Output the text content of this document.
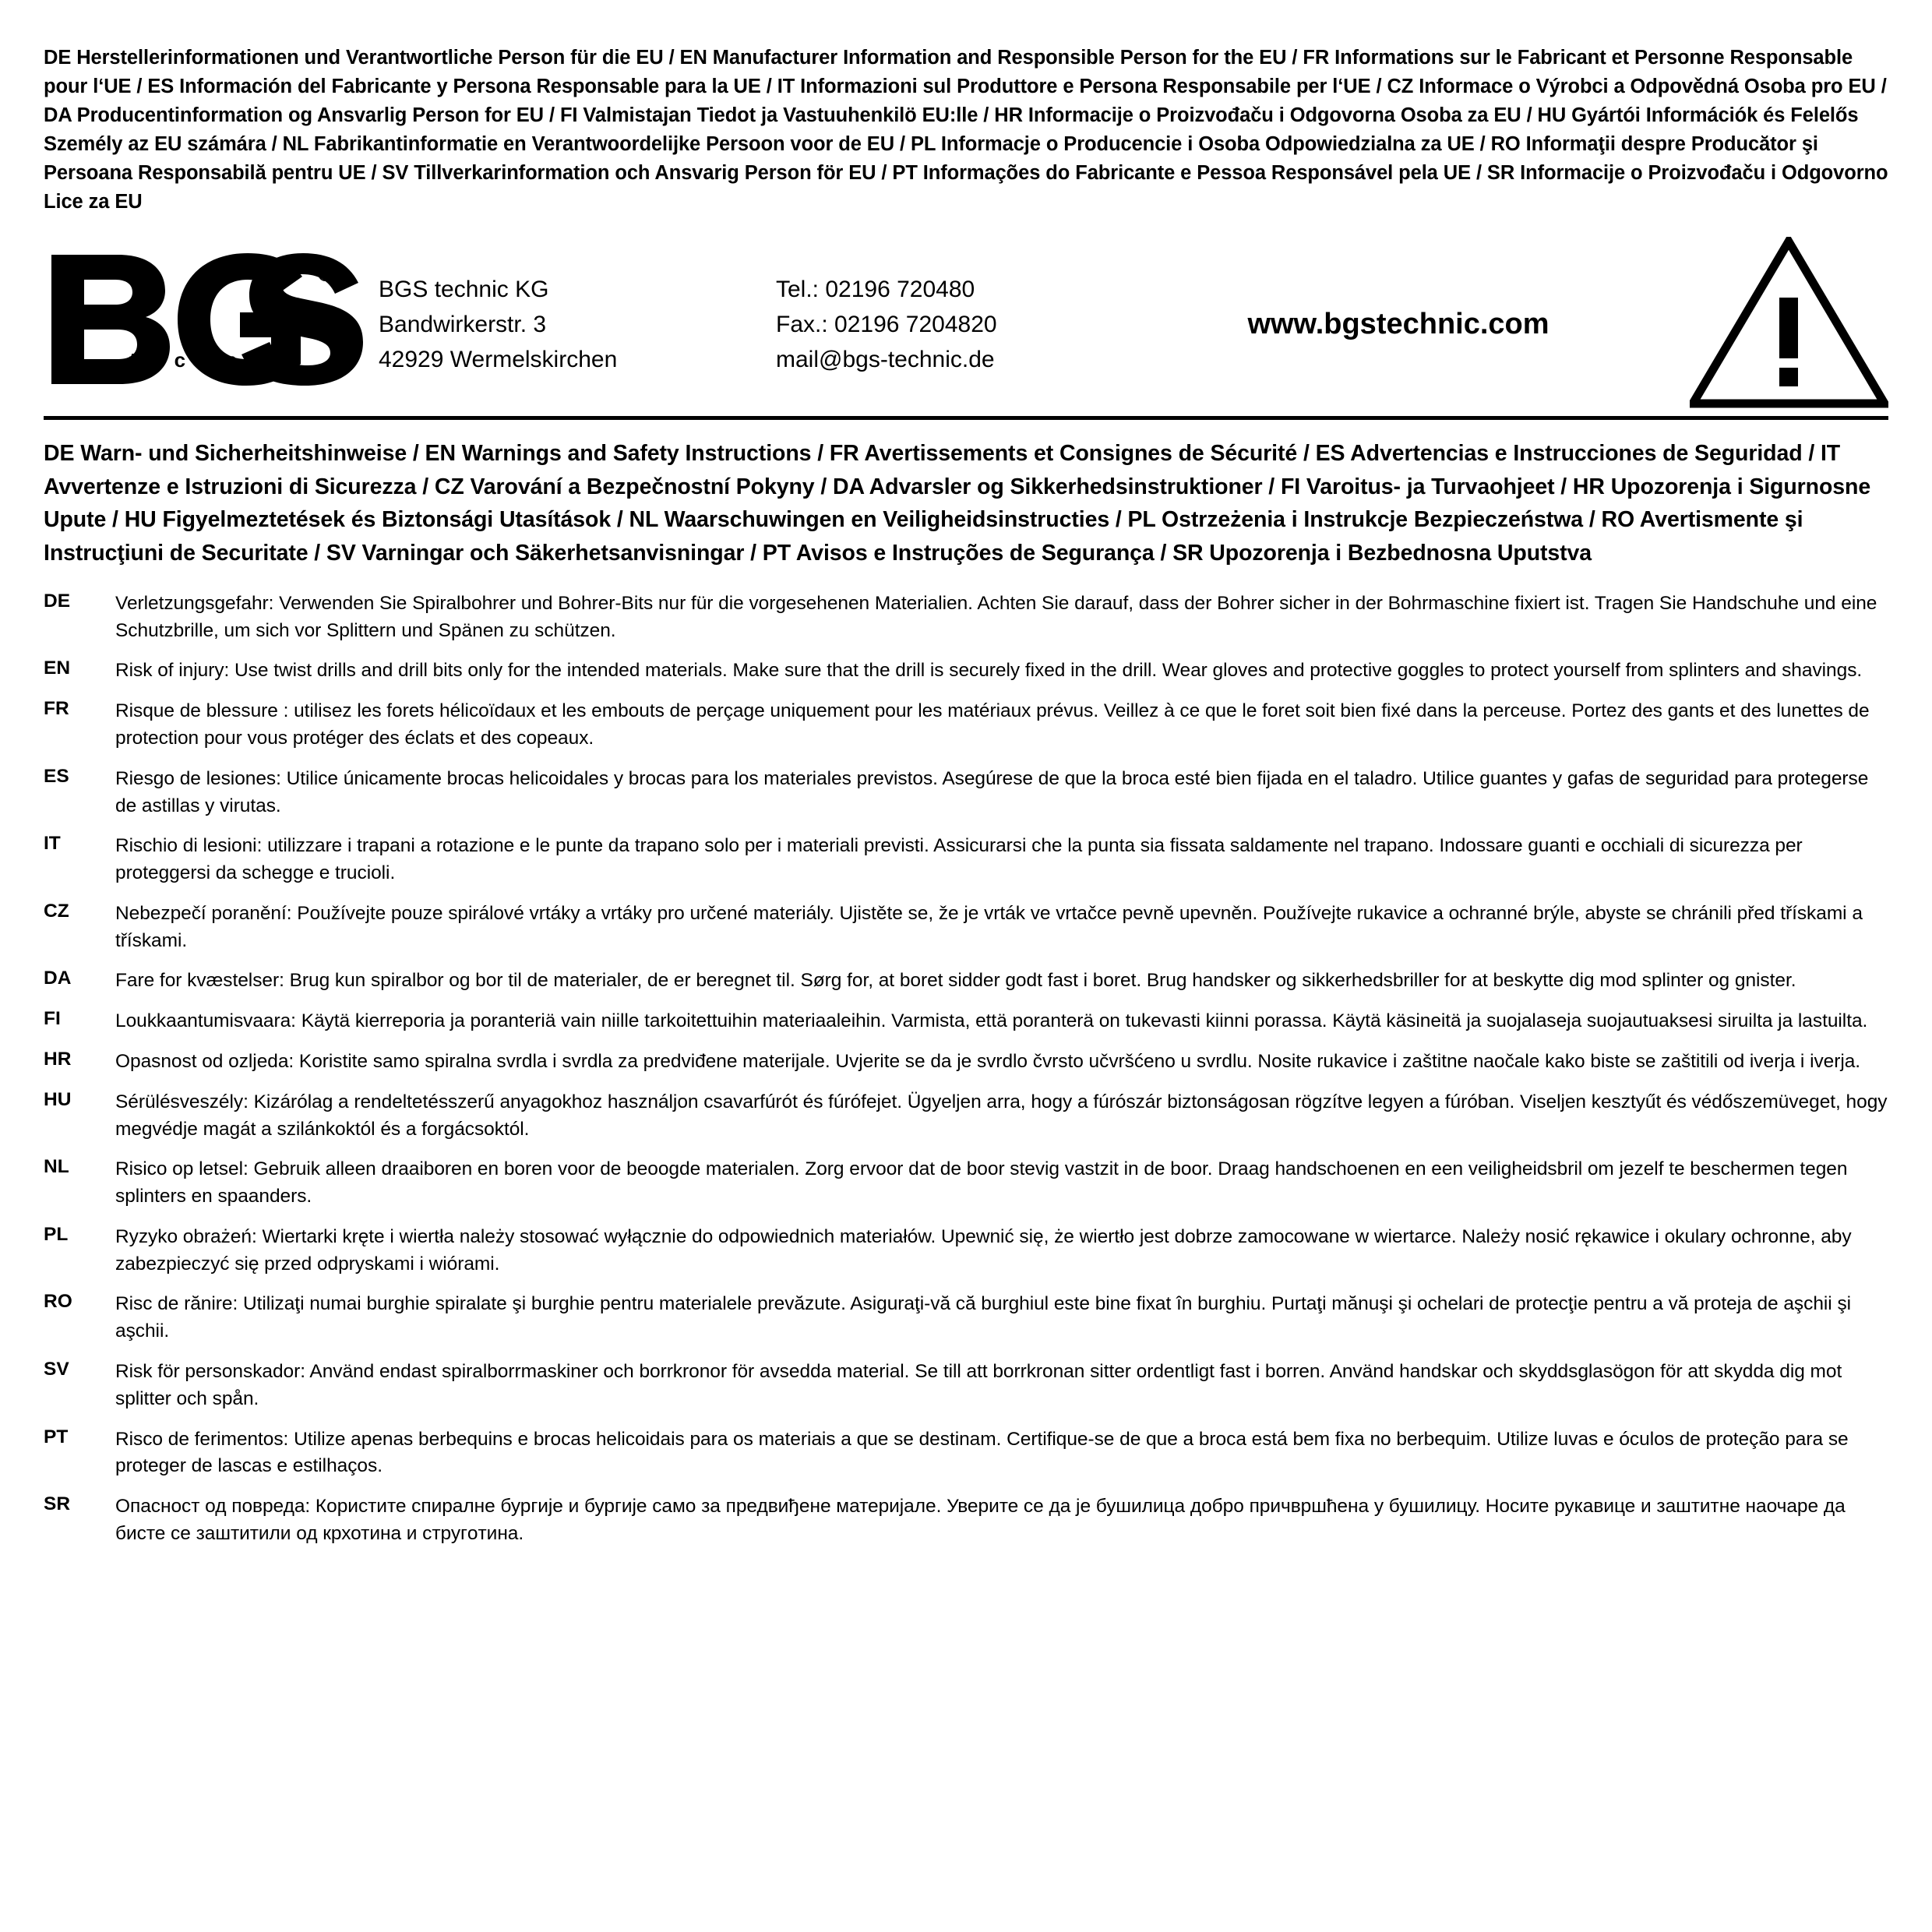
DE Herstellerinformationen und Verantwortliche Person für die EU / EN Manufacturer Information and Responsible Person for the EU / FR Informations sur le Fabricant et Personne Responsable pour l‘UE / ES Información del Fabricante y Persona Responsable para la UE / IT Informazioni sul Produttore e Persona Responsabile per l‘UE / CZ Informace o Výrobci a Odpovědná Osoba pro EU / DA Producentinformation og Ansvarlig Person for EU / FI Valmistajan Tiedot ja Vastuuhenkilö EU:lle / HR Informacije o Proizvođaču i Odgovorna Osoba za EU / HU Gyártói Információk és Felelős Személy az EU számára / NL Fabrikantinformatie en Verantwoordelijke Persoon voor de EU / PL Informacje o Producencie i Osoba Odpowiedzialna za UE / RO Informaţii despre Producător şi Persoana Responsabilă pentru UE / SV Tillverkarinformation och Ansvarig Person för EU / PT Informações do Fabricante e Pessoa Responsável pela UE / SR Informacije o Proizvođaču i Odgovorno Lice za EU
t e c h n i c
®
BGS technic KG
Bandwirkerstr. 3
42929 Wermelskirchen
Tel.: 02196 720480
Fax.: 02196 7204820
mail@bgs-technic.de
www.bgstechnic.com
DE Warn- und Sicherheitshinweise / EN Warnings and Safety Instructions / FR Avertissements et Consignes de Sécurité / ES Advertencias e Instrucciones de Seguridad / IT Avvertenze e Istruzioni di Sicurezza / CZ Varování a Bezpečnostní Pokyny / DA Advarsler og Sikkerhedsinstruktioner / FI Varoitus- ja Turvaohjeet / HR Upozorenja i Sigurnosne Upute / HU Figyelmeztetések és Biztonsági Utasítások / NL Waarschuwingen en Veiligheidsinstructies / PL Ostrzeżenia i Instrukcje Bezpieczeństwa / RO Avertismente şi Instrucţiuni de Securitate / SV Varningar och Säkerhetsanvisningar / PT Avisos e Instruções de Segurança / SR Upozorenja i Bezbednosna Uputstva
DE	Verletzungsgefahr: Verwenden Sie Spiralbohrer und Bohrer-Bits nur für die vorgesehenen Materialien. Achten Sie darauf, dass der Bohrer sicher in der Bohrmaschine fixiert ist. Tragen Sie Handschuhe und eine Schutzbrille, um sich vor Splittern und Spänen zu schützen.
EN	Risk of injury: Use twist drills and drill bits only for the intended materials. Make sure that the drill is securely fixed in the drill. Wear gloves and protective goggles to protect yourself from splinters and shavings.
FR	Risque de blessure : utilisez les forets hélicoïdaux et les embouts de perçage uniquement pour les matériaux prévus. Veillez à ce que le foret soit bien fixé dans la perceuse. Portez des gants et des lunettes de protection pour vous protéger des éclats et des copeaux.
ES	Riesgo de lesiones: Utilice únicamente brocas helicoidales y brocas para los materiales previstos. Asegúrese de que la broca esté bien fijada en el taladro. Utilice guantes y gafas de seguridad para protegerse de astillas y virutas.
IT	Rischio di lesioni: utilizzare i trapani a rotazione e le punte da trapano solo per i materiali previsti. Assicurarsi che la punta sia fissata saldamente nel trapano. Indossare guanti e occhiali di sicurezza per proteggersi da schegge e trucioli.
CZ	Nebezpečí poranění: Používejte pouze spirálové vrtáky a vrtáky pro určené materiály. Ujistěte se, že je vrták ve vrtačce pevně upevněn. Používejte rukavice a ochranné brýle, abyste se chránili před třískami a třískami.
DA	Fare for kvæstelser: Brug kun spiralbor og bor til de materialer, de er beregnet til. Sørg for, at boret sidder godt fast i boret. Brug handsker og sikkerhedsbriller for at beskytte dig mod splinter og gnister.
FI	Loukkaantumisvaara: Käytä kierreporia ja poranteriä vain niille tarkoitettuihin materiaaleihin. Varmista, että poranterä on tukevasti kiinni porassa. Käytä käsineitä ja suojalaseja suojautuaksesi siruilta ja lastuilta.
HR	Opasnost od ozljeda: Koristite samo spiralna svrdla i svrdla za predviđene materijale. Uvjerite se da je svrdlo čvrsto učvršćeno u svrdlu. Nosite rukavice i zaštitne naočale kako biste se zaštitili od iverja i iverja.
HU	Sérülésveszély: Kizárólag a rendeltetésszerű anyagokhoz használjon csavarfúrót és fúrófejet. Ügyeljen arra, hogy a fúrószár biztonságosan rögzítve legyen a fúróban. Viseljen kesztyűt és védőszemüveget, hogy megvédje magát a szilánkoktól és a forgácsoktól.
NL	Risico op letsel: Gebruik alleen draaiboren en boren voor de beoogde materialen. Zorg ervoor dat de boor stevig vastzit in de boor. Draag handschoenen en een veiligheidsbril om jezelf te beschermen tegen splinters en spaanders.
PL	Ryzyko obrażeń: Wiertarki kręte i wiertła należy stosować wyłącznie do odpowiednich materiałów. Upewnić się, że wiertło jest dobrze zamocowane w wiertarce. Należy nosić rękawice i okulary ochronne, aby zabezpieczyć się przed odpryskami i wiórami.
RO	Risc de rănire: Utilizaţi numai burghie spiralate şi burghie pentru materialele prevăzute. Asiguraţi-vă că burghiul este bine fixat în burghiu. Purtaţi mănuşi şi ochelari de protecţie pentru a vă proteja de aşchii şi aşchii.
SV	Risk för personskador: Använd endast spiralborrmaskiner och borrkronor för avsedda material. Se till att borrkronan sitter ordentligt fast i borren. Använd handskar och skyddsglasögon för att skydda dig mot splitter och spån.
PT	Risco de ferimentos: Utilize apenas berbequins e brocas helicoidais para os materiais a que se destinam. Certifique-se de que a broca está bem fixa no berbequim. Utilize luvas e óculos de proteção para se proteger de lascas e estilhaços.
SR	Опасност од повреда: Користите спиралне бургије и бургије само за предвиђене материјале. Уверите се да је бушилица добро причвршћена у бушилицу. Носите рукавице и заштитне наочаре да бисте се заштитили од крхотина и стругoтина.
